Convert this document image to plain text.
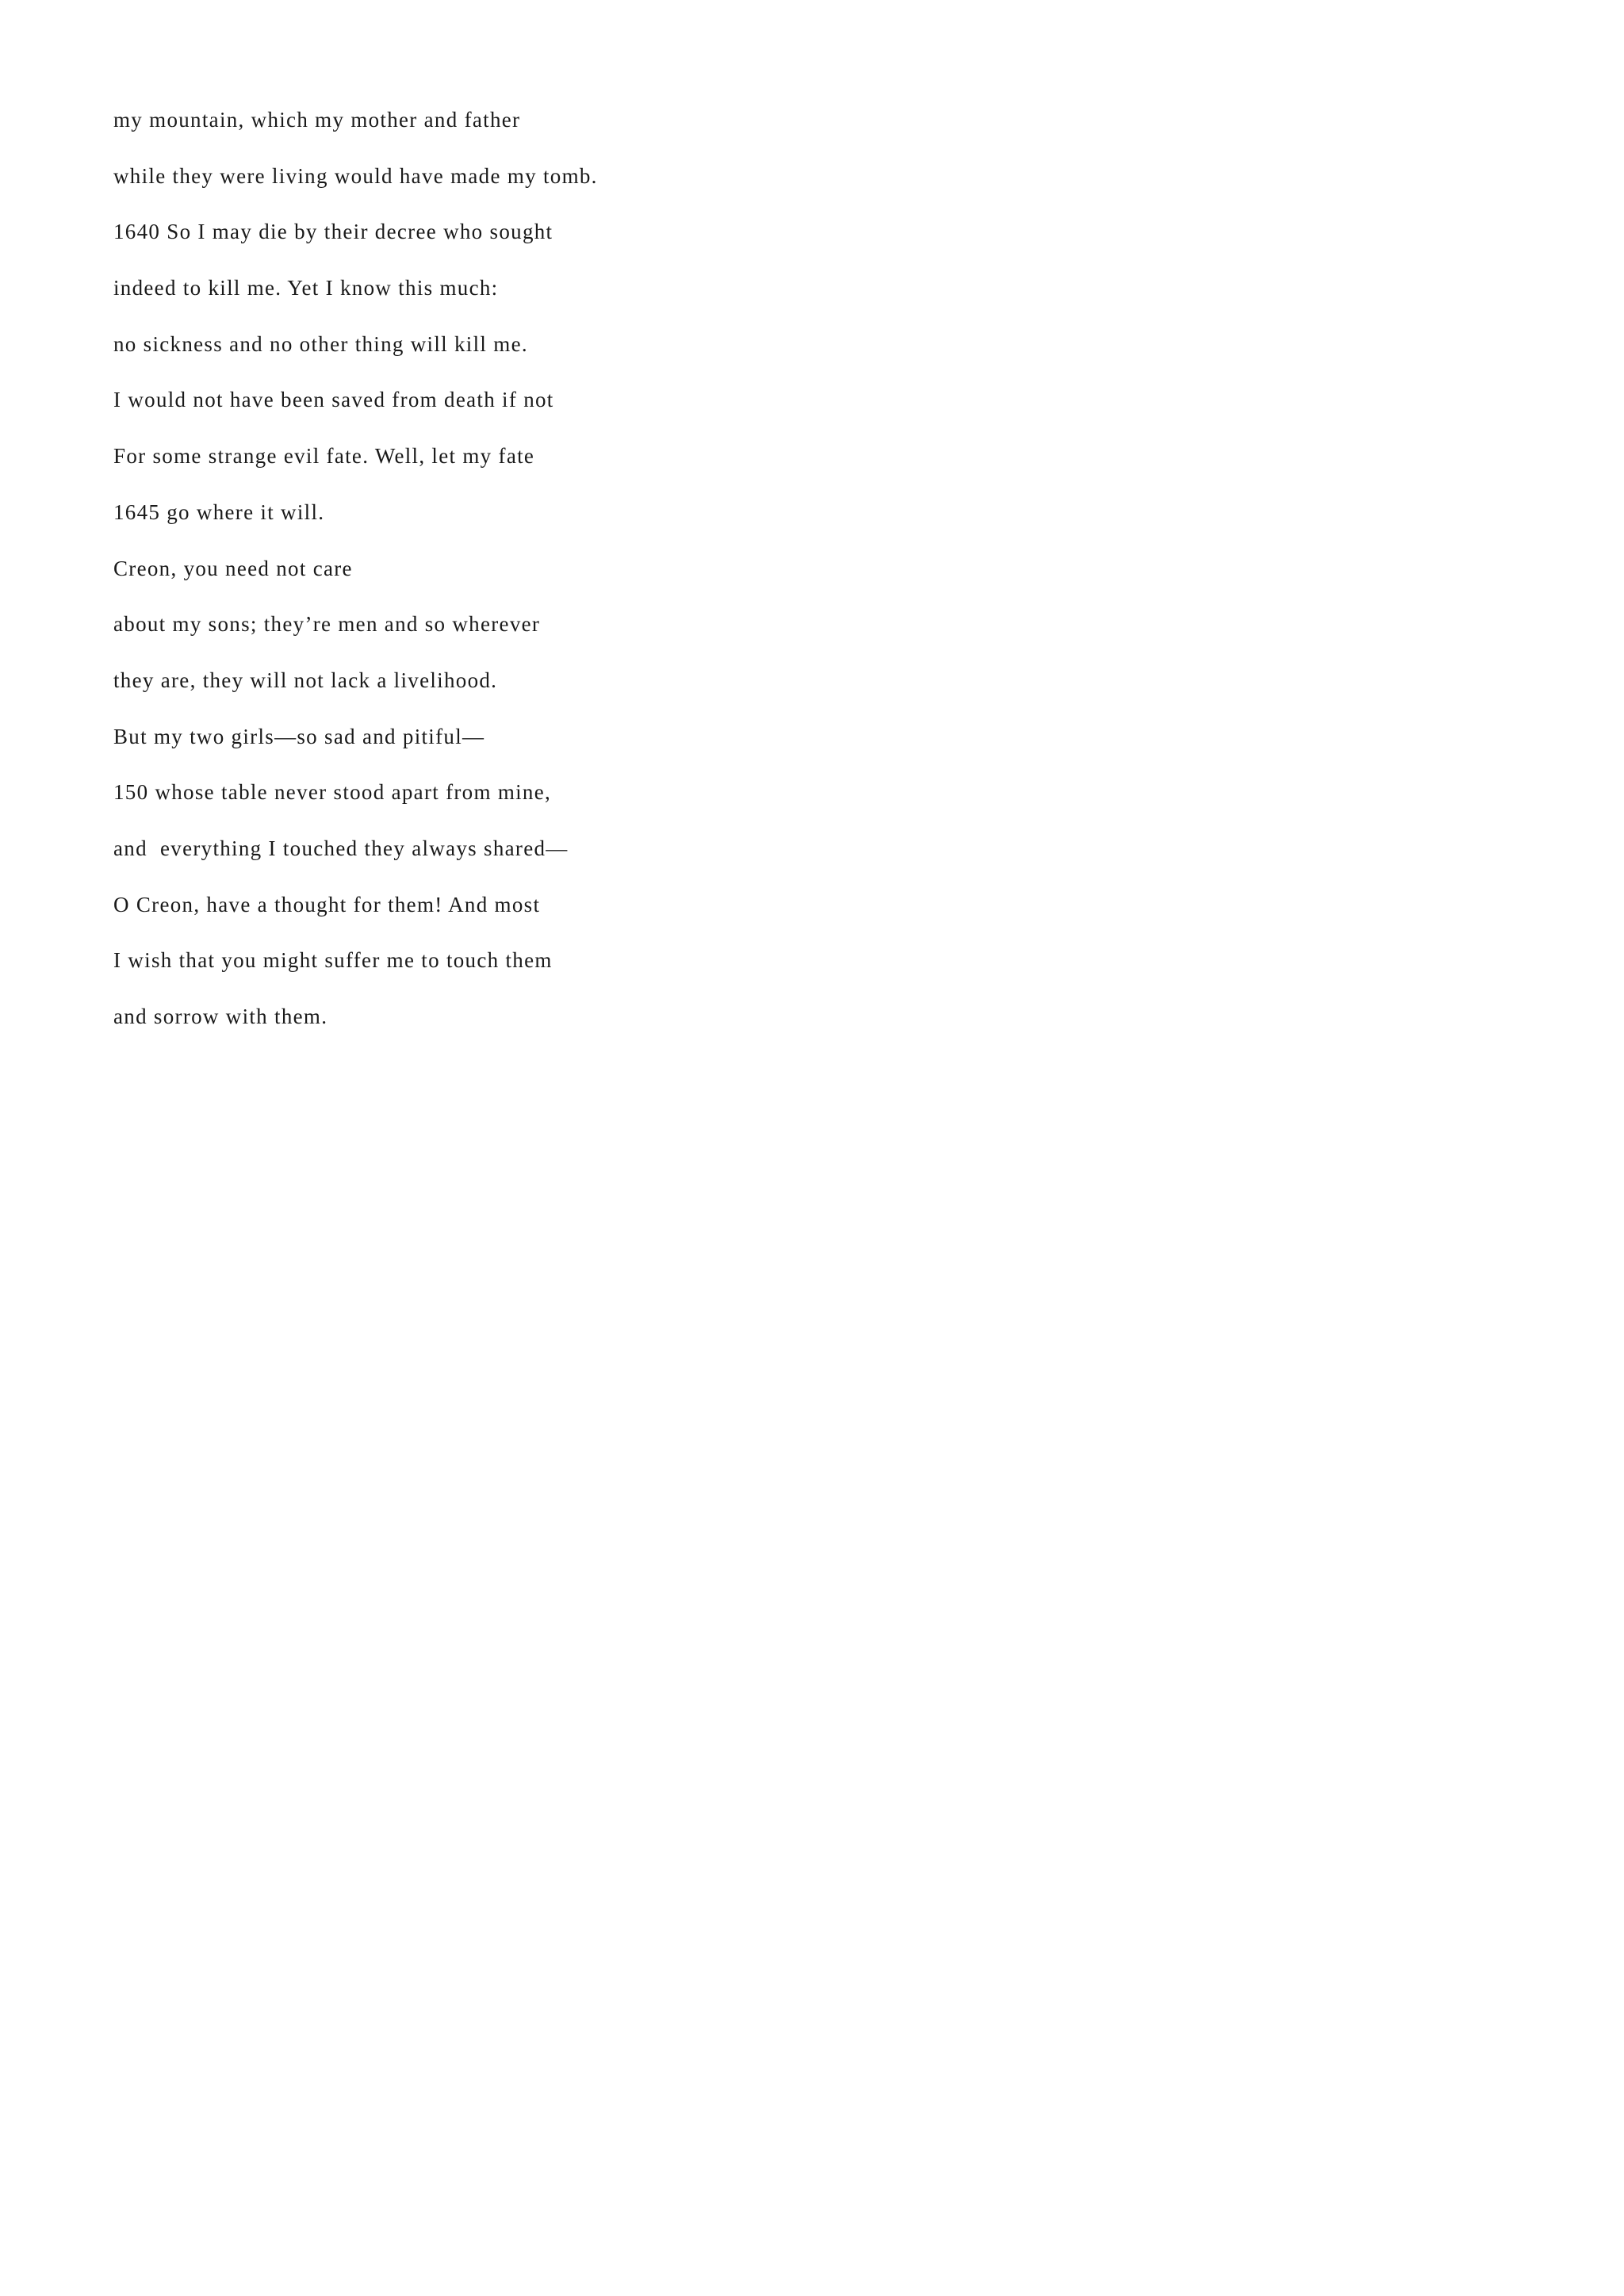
my mountain, which my mother and father
while they were living would have made my tomb.
1640 So I may die by their decree who sought
indeed to kill me. Yet I know this much:
no sickness and no other thing will kill me.
I would not have been saved from death if not
For some strange evil fate. Well, let my fate
1645 go where it will.
Creon, you need not care
about my sons; they’re men and so wherever
they are, they will not lack a livelihood.
But my two girls—so sad and pitiful—
150 whose table never stood apart from mine,
and  everything I touched they always shared—
O Creon, have a thought for them! And most
I wish that you might suffer me to touch them
and sorrow with them.
